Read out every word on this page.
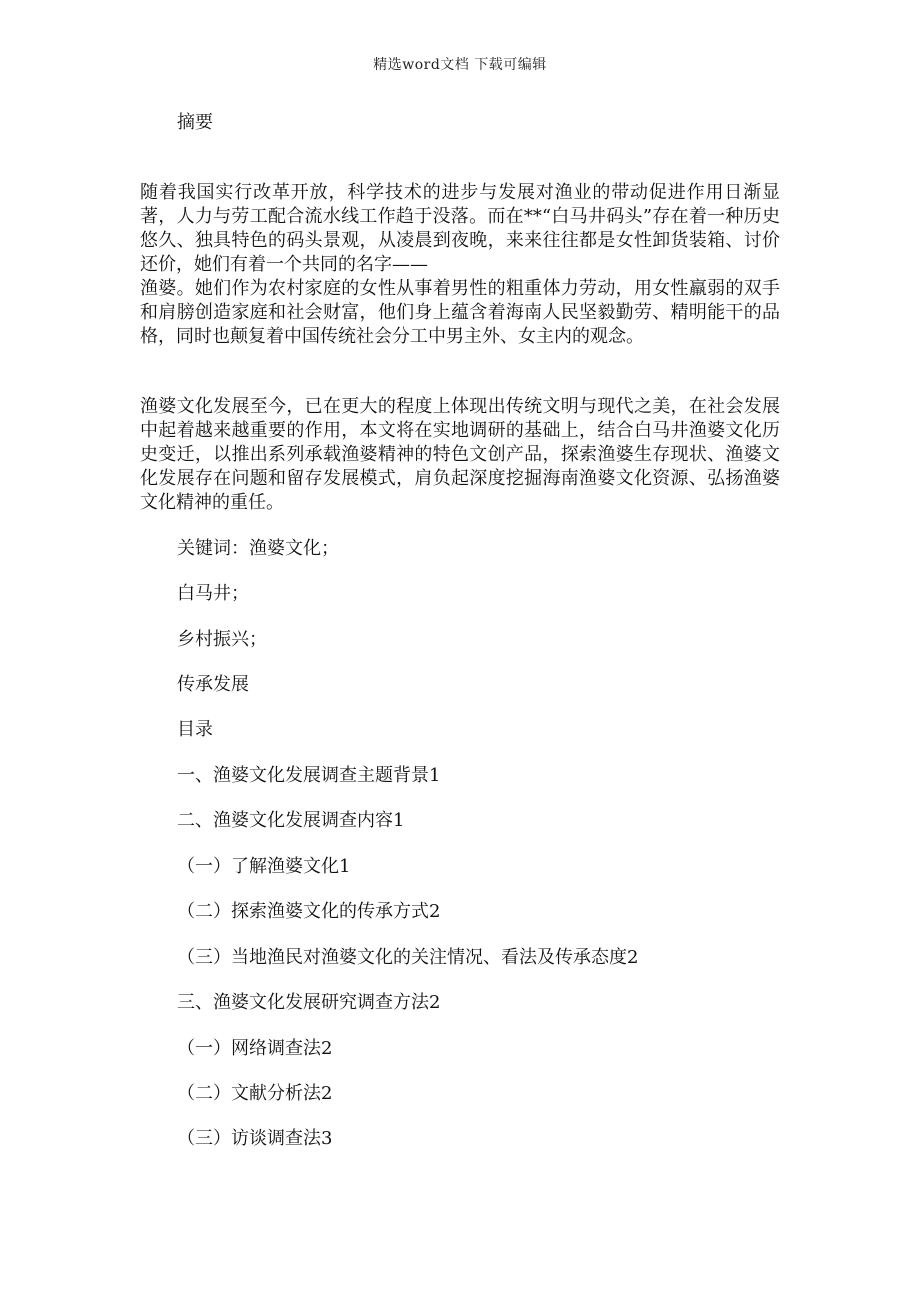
精选word文档 下载可编辑
摘要

随着我国实行改革开放，科学技术的进步与发展对渔业的带动促进作用日渐显著，人力与劳工配合流水线工作趋于没落。而在**“白马井码头”存在着一种历史悠久、独具特色的码头景观，从凌晨到夜晚，来来往往都是女性卸货装箱、讨价还价，她们有着一个共同的名字——

渔婆。她们作为农村家庭的女性从事着男性的粗重体力劳动，用女性羸弱的双手和肩膀创造家庭和社会财富，他们身上蕴含着海南人民坚毅勤劳、精明能干的品格，同时也颠复着中国传统社会分工中男主外、女主内的观念。

渔婆文化发展至今，已在更大的程度上体现出传统文明与现代之美，在社会发展中起着越来越重要的作用，本文将在实地调研的基础上，结合白马井渔婆文化历史变迁，以推出系列承载渔婆精神的特色文创产品，探索渔婆生存现状、渔婆文化发展存在问题和留存发展模式，肩负起深度挖掘海南渔婆文化资源、弘扬渔婆文化精神的重任。

关键词：渔婆文化；
白马井；
乡村振兴；
传承发展
目录
一、渔婆文化发展调查主题背景1
二、渔婆文化发展调查内容1
（一）了解渔婆文化1
（二）探索渔婆文化的传承方式2
（三）当地渔民对渔婆文化的关注情况、看法及传承态度2
三、渔婆文化发展研究调查方法2
（一）网络调查法2
（二）文献分析法2
（三）访谈调查法3
